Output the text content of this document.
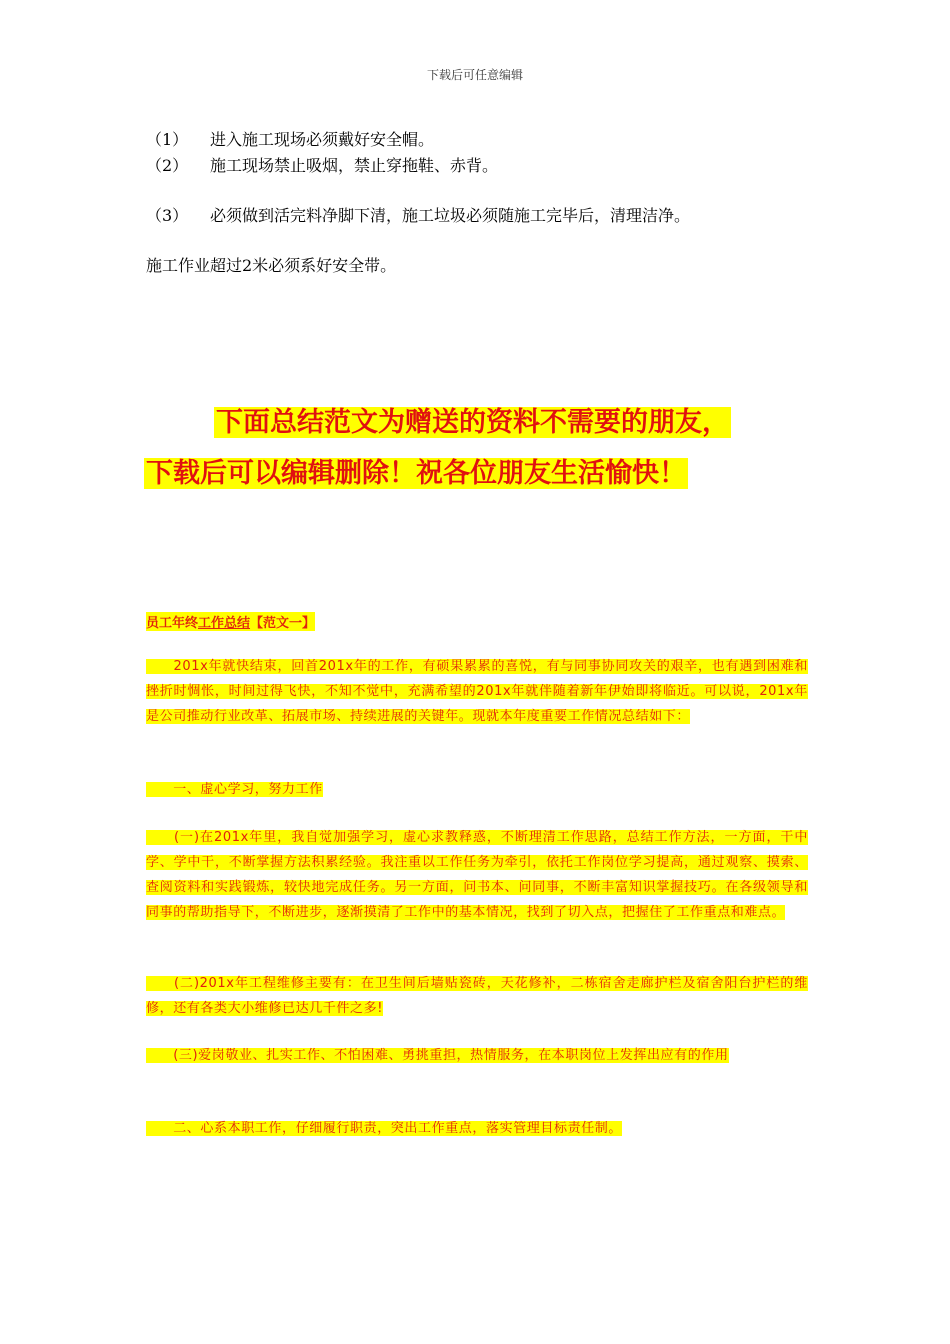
下载后可任意编辑
（1） 进入施工现场必须戴好安全帽。
（2） 施工现场禁止吸烟，禁止穿拖鞋、赤背。
（3） 必须做到活完料净脚下清，施工垃圾必须随施工完毕后，清理洁净。
施工作业超过2米必须系好安全带。
下面总结范文为赠送的资料不需要的朋友，
下载后可以编辑删除！祝各位朋友生活愉快！
员工年终工作总结【范文一】
　　201x年就快结束，回首201x年的工作，有硕果累累的喜悦，有与同事协同攻关的艰辛，也有遇到困难和挫折时惆怅，时间过得飞快，不知不觉中，充满希望的201x年就伴随着新年伊始即将临近。可以说，201x年是公司推动行业改革、拓展市场、持续进展的关键年。现就本年度重要工作情况总结如下：
　　一、虚心学习，努力工作
　　(一)在201x年里，我自觉加强学习，虚心求教释惑，不断理清工作思路，总结工作方法，一方面，干中学、学中干，不断掌握方法积累经验。我注重以工作任务为牵引，依托工作岗位学习提高，通过观察、摸索、查阅资料和实践锻炼，较快地完成任务。另一方面，问书本、问同事，不断丰富知识掌握技巧。在各级领导和同事的帮助指导下，不断进步，逐渐摸清了工作中的基本情况，找到了切入点，把握住了工作重点和难点。
　　(二)201x年工程维修主要有：在卫生间后墙贴瓷砖，天花修补，二栋宿舍走廊护栏及宿舍阳台护栏的维修，还有各类大小维修已达几千件之多!
　　(三)爱岗敬业、扎实工作、不怕困难、勇挑重担，热情服务，在本职岗位上发挥出应有的作用
　　二、心系本职工作，仔细履行职责，突出工作重点，落实管理目标责任制。
